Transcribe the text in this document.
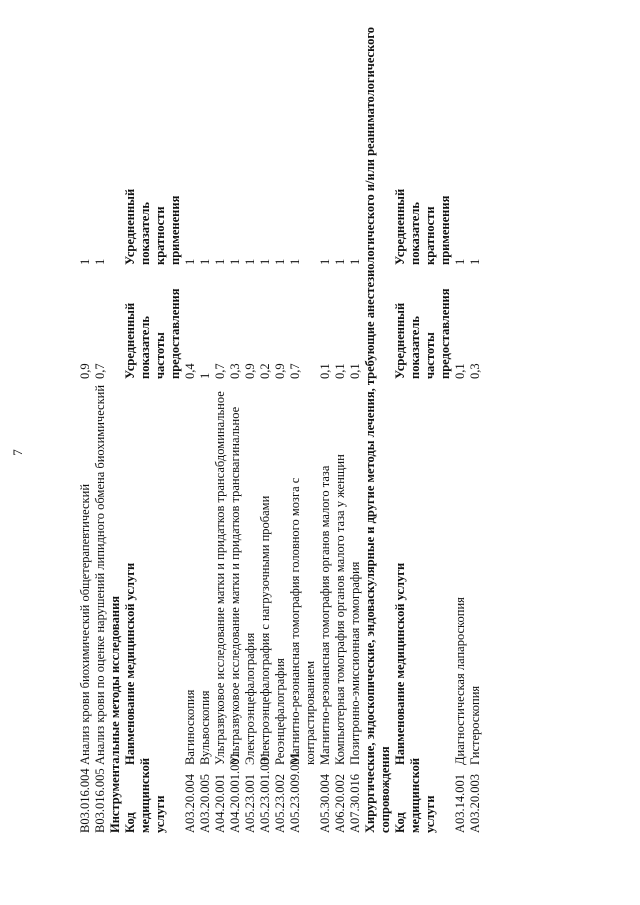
7
B03.016.004
Анализ крови биохимический общетерапевтический
0,9
1
B03.016.005
Анализ крови по оценке нарушений липидного обмена биохимический
0,7
1
Инструментальные методы исследования Код медицинской услуги
Наименование медицинской услуги
Усредненный показатель частоты предоставления
Усредненный показатель кратности применения
A03.20.004
Вагиноскопия
0,4
1
A03.20.005
Вульвоскопия
1
1
A04.20.001
Ультразвуковое исследование матки и придатков трансабдоминальное
0,7
1
A04.20.001.001
Ультразвуковое исследование матки и придатков трансвагинальное
0,3
1
A05.23.001
Электроэнцефалография
0,9
1
A05.23.001.001
Электроэнцефалография с нагрузочными пробами
0,2
1
A05.23.002
Реоэнцефалография
0,9
1
A05.23.009.001
Магнитно-резонансная томография головного мозга с контрастированием
0,7
1
A05.30.004
Магнитно-резонансная томография органов малого таза
0,1
1
A06.20.002
Компьютерная томография органов малого таза у женщин
0,1
1
A07.30.016
Позитронно-эмиссионная томография
0,1
1 Хирургические, эндоскопические, эндоваскулярные и другие методы лечения, требующие анестезиологического и/или реаниматологического сопровождения Код медицинской услуги
Наименование медицинской услуги
Усредненный показатель частоты предоставления
Усредненный показатель кратности применения
A03.14.001
Диагностическая лапароскопия
0,1
1
A03.20.003
Гистероскопия
0,3
1
